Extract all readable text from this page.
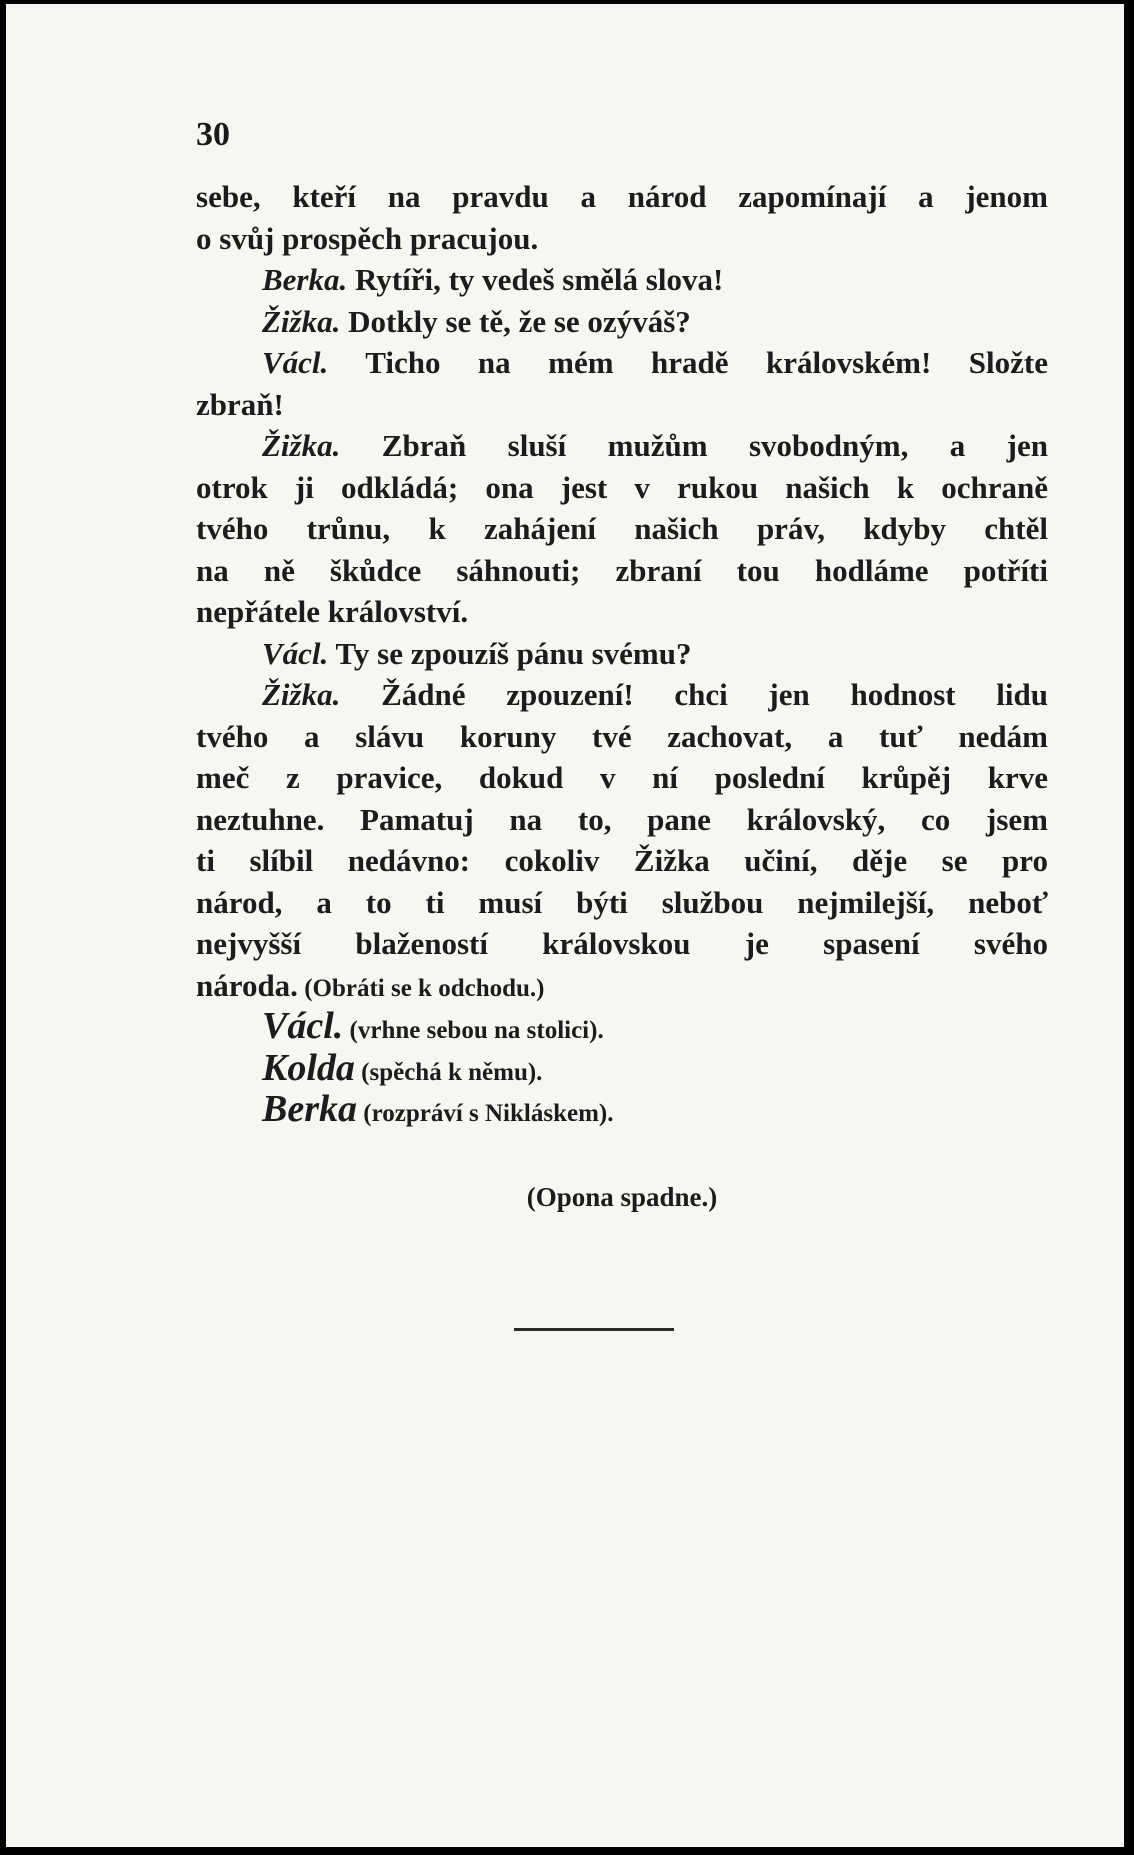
30
sebe, kteří na pravdu a národ zapomínají a jenom
o svůj prospěch pracujou.
Berka. Rytíři, ty vedeš smělá slova!
Žižka. Dotkly se tě, že se ozýváš?
Václ. Ticho na mém hradě královském! Složte
zbraň!
Žižka. Zbraň sluší mužům svobodným, a jen
otrok ji odkládá; ona jest v rukou našich k ochraně
tvého trůnu, k zahájení našich práv, kdyby chtěl
na ně škůdce sáhnouti; zbraní tou hodláme potříti
nepřátele království.
Václ. Ty se zpouzíš pánu svému?
Žižka. Žádné zpouzení! chci jen hodnost lidu
tvého a slávu koruny tvé zachovat, a tuť nedám
meč z pravice, dokud v ní poslední krůpěj krve
neztuhne. Pamatuj na to, pane královský, co jsem
ti slíbil nedávno: cokoliv Žižka učiní, děje se pro
národ, a to ti musí býti službou nejmilejší, neboť
nejvyšší blažeností královskou je spasení svého
národa. (Obráti se k odchodu.)
Václ. (vrhne sebou na stolici).
Kolda (spěchá k němu).
Berka (rozpráví s Nikláskem).
(Opona spadne.)
